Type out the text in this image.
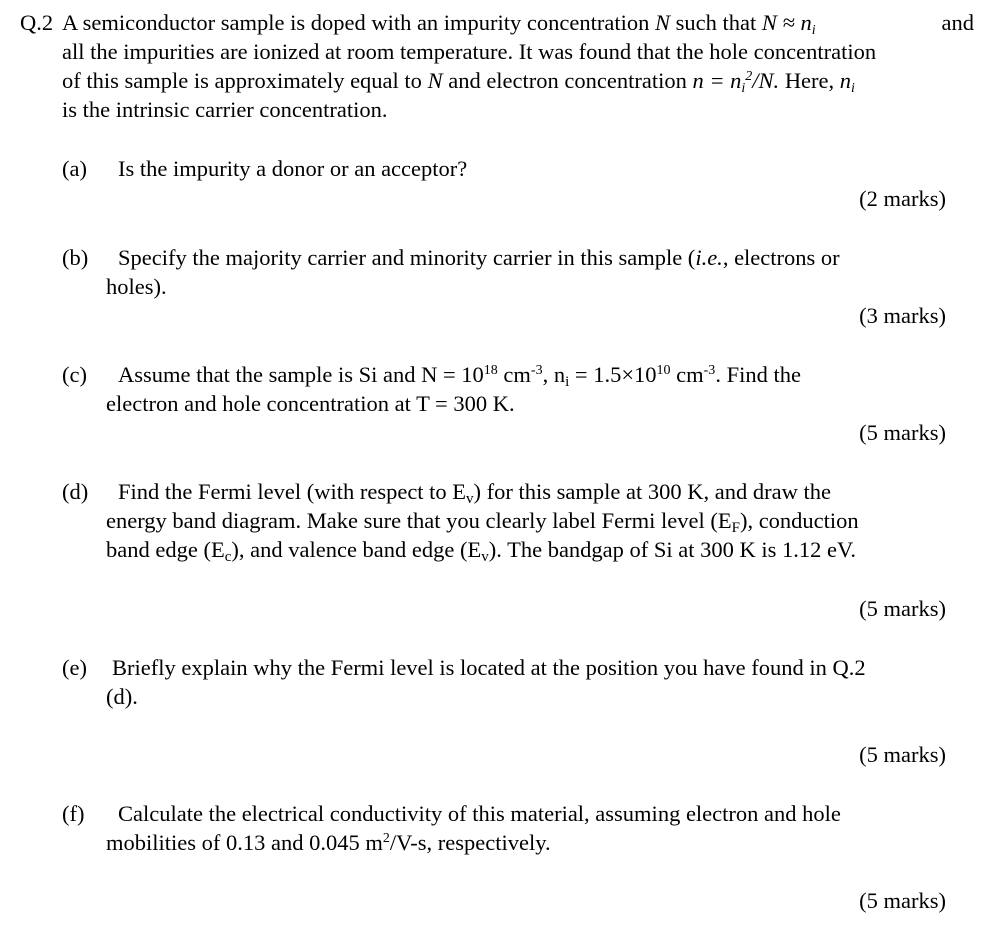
Q.2 A semiconductor sample is doped with an impurity concentration N such that $N \approx n_i$	and
all the impurities are ionized at room temperature. It was found that the hole concentration
of this sample is approximately equal to N and electron concentration $n = n_i^2/N$. Here, $n_i$
is the intrinsic carrier concentration.
(a) Is the impurity a donor or an acceptor?
(2 marks)
(b) Specify the majority carrier and minority carrier in this sample (i.e., electrons or
holes).
(3 marks)
(c) Assume that the sample is Si and $N = 10^{18}$ $cm^{-3}$, $n_i = 1.5\times 10^{10}$ $cm^{-3}$. Find the
electron and hole concentration at T = 300 K.
(5 marks)
(d) Find the Fermi level (with respect to $E_v$) for this sample at 300 K, and draw the
energy band diagram. Make sure that you clearly label Fermi level $(E_F)$, conduction
band edge $(E_c)$, and valence band edge $(E_v)$. The bandgap of Si at 300 K is 1.12 eV.
(5 marks)
(e) Briefly explain why the Fermi level is located at the position you have found in Q.2
(d).
(5 marks)
(f) Calculate the electrical conductivity of this material, assuming electron and hole
mobilities of 0.13 and 0.045 $m^2/V-s$, respectively.
(5 marks)
